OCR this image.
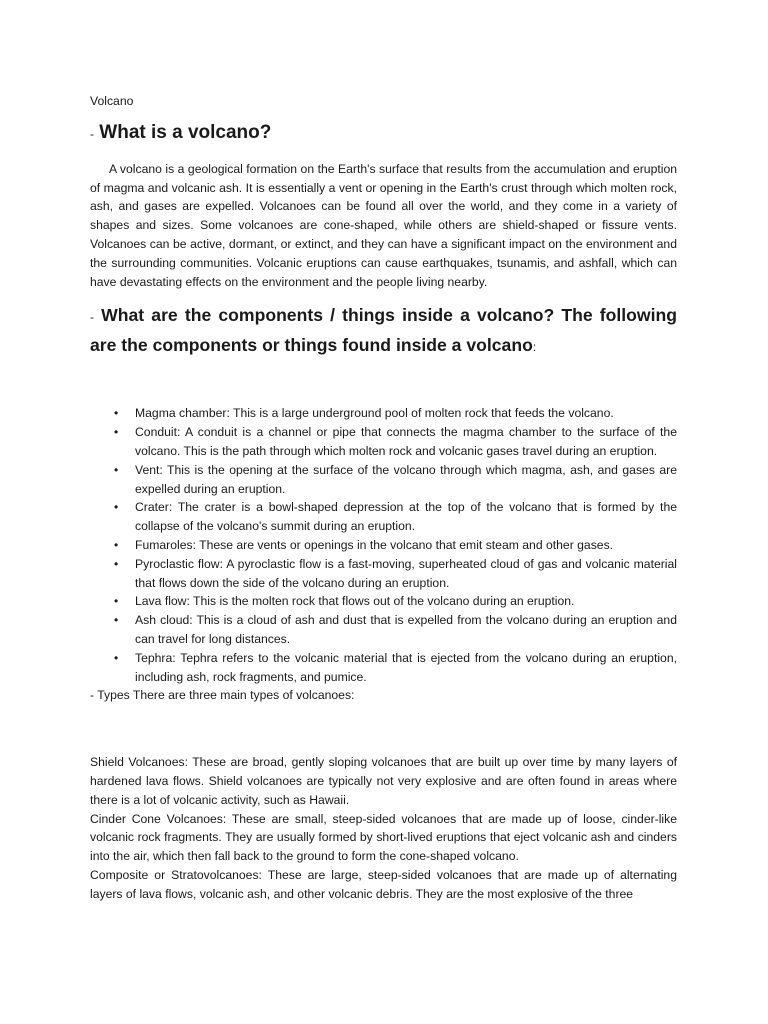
Volcano
- What is a volcano?

A volcano is a geological formation on the Earth's surface that results from the accumulation and eruption of magma and volcanic ash. It is essentially a vent or opening in the Earth's crust through which molten rock, ash, and gases are expelled. Volcanoes can be found all over the world, and they come in a variety of shapes and sizes. Some volcanoes are cone-shaped, while others are shield-shaped or fissure vents. Volcanoes can be active, dormant, or extinct, and they can have a significant impact on the environment and the surrounding communities. Volcanic eruptions can cause earthquakes, tsunamis, and ashfall, which can have devastating effects on the environment and the people living nearby.

- What are the components / things inside a volcano? The following are the components or things found inside a volcano:
• Magma chamber: This is a large underground pool of molten rock that feeds the volcano.
• Conduit: A conduit is a channel or pipe that connects the magma chamber to the surface of the volcano. This is the path through which molten rock and volcanic gases travel during an eruption.
• Vent: This is the opening at the surface of the volcano through which magma, ash, and gases are expelled during an eruption.
• Crater: The crater is a bowl-shaped depression at the top of the volcano that is formed by the collapse of the volcano's summit during an eruption.
• Fumaroles: These are vents or openings in the volcano that emit steam and other gases.
• Pyroclastic flow: A pyroclastic flow is a fast-moving, superheated cloud of gas and volcanic material that flows down the side of the volcano during an eruption.
• Lava flow: This is the molten rock that flows out of the volcano during an eruption.
• Ash cloud: This is a cloud of ash and dust that is expelled from the volcano during an eruption and can travel for long distances.
• Tephra: Tephra refers to the volcanic material that is ejected from the volcano during an eruption, including ash, rock fragments, and pumice.

- Types There are three main types of volcanoes:

Shield Volcanoes: These are broad, gently sloping volcanoes that are built up over time by many layers of hardened lava flows. Shield volcanoes are typically not very explosive and are often found in areas where there is a lot of volcanic activity, such as Hawaii.

Cinder Cone Volcanoes: These are small, steep-sided volcanoes that are made up of loose, cinder-like volcanic rock fragments. They are usually formed by short-lived eruptions that eject volcanic ash and cinders into the air, which then fall back to the ground to form the cone-shaped volcano.

Composite or Stratovolcanoes: These are large, steep-sided volcanoes that are made up of alternating layers of lava flows, volcanic ash, and other volcanic debris. They are the most explosive of the three
